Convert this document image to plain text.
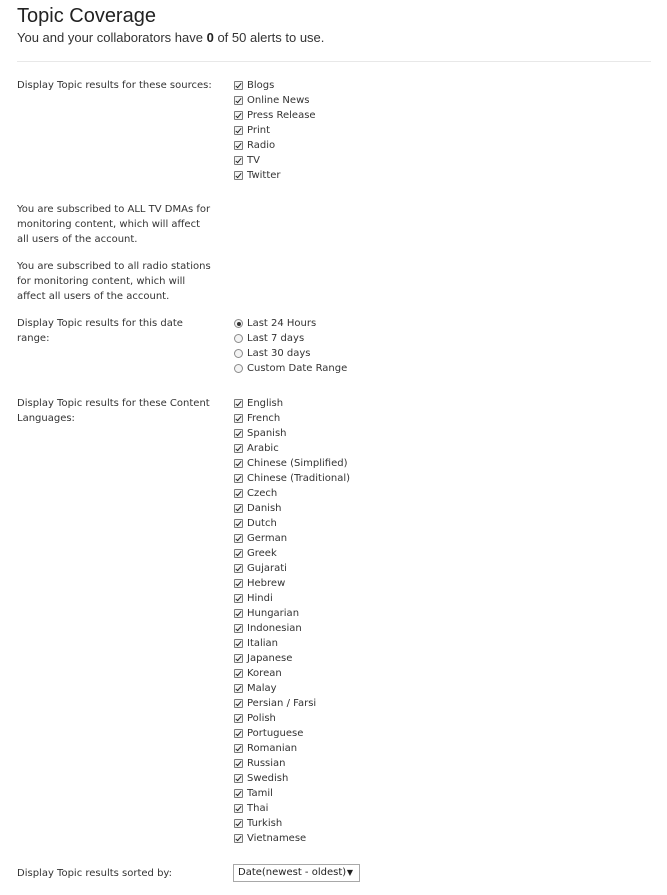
Topic Coverage
You and your collaborators have 0 of 50 alerts to use.
Display Topic results for these sources:	Blogs
Online News
Press Release
Print
Radio
TV
Twitter
You are subscribed to ALL TV DMAs for monitoring content, which will affect all users of the account.
You are subscribed to all radio stations for monitoring content, which will affect all users of the account.
Display Topic results for this date range:
Last 24 Hours
Last 7 days
Last 30 days
Custom Date Range
Display Topic results for these Content Languages:
English
French
Spanish
Arabic
Chinese (Simplified)
Chinese (Traditional)
Czech
Danish
Dutch
German
Greek
Gujarati
Hebrew
Hindi
Hungarian
Indonesian
Italian
Japanese
Korean
Malay
Persian / Farsi
Polish
Portuguese
Romanian
Russian
Swedish
Tamil
Thai
Turkish
Vietnamese
Display Topic results sorted by:	Date(newest - oldest) ▼
